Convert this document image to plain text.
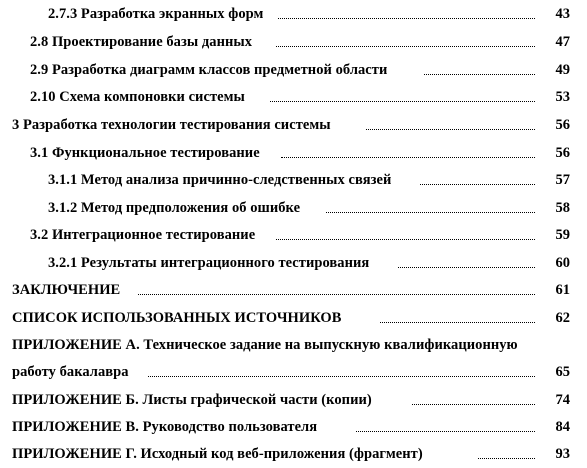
2.7.3 Разработка экранных форм	43
2.8 Проектирование базы данных	47
2.9 Разработка диаграмм классов предметной области	49
2.10 Схема компоновки системы	53
3 Разработка технологии тестирования системы	56
3.1 Функциональное тестирование	56
3.1.1 Метод анализа причинно-следственных связей	57
3.1.2 Метод предположения об ошибке	58
3.2 Интеграционное тестирование	59
3.2.1 Результаты интеграционного тестирования	60
ЗАКЛЮЧЕНИЕ	61
СПИСОК ИСПОЛЬЗОВАННЫХ ИСТОЧНИКОВ	62
ПРИЛОЖЕНИЕ А. Техническое задание на выпускную квалификационную
работу бакалавра	65
ПРИЛОЖЕНИЕ Б. Листы графической части (копии)	74
ПРИЛОЖЕНИЕ В. Руководство пользователя	84
ПРИЛОЖЕНИЕ Г. Исходный код веб-приложения (фрагмент)	93
